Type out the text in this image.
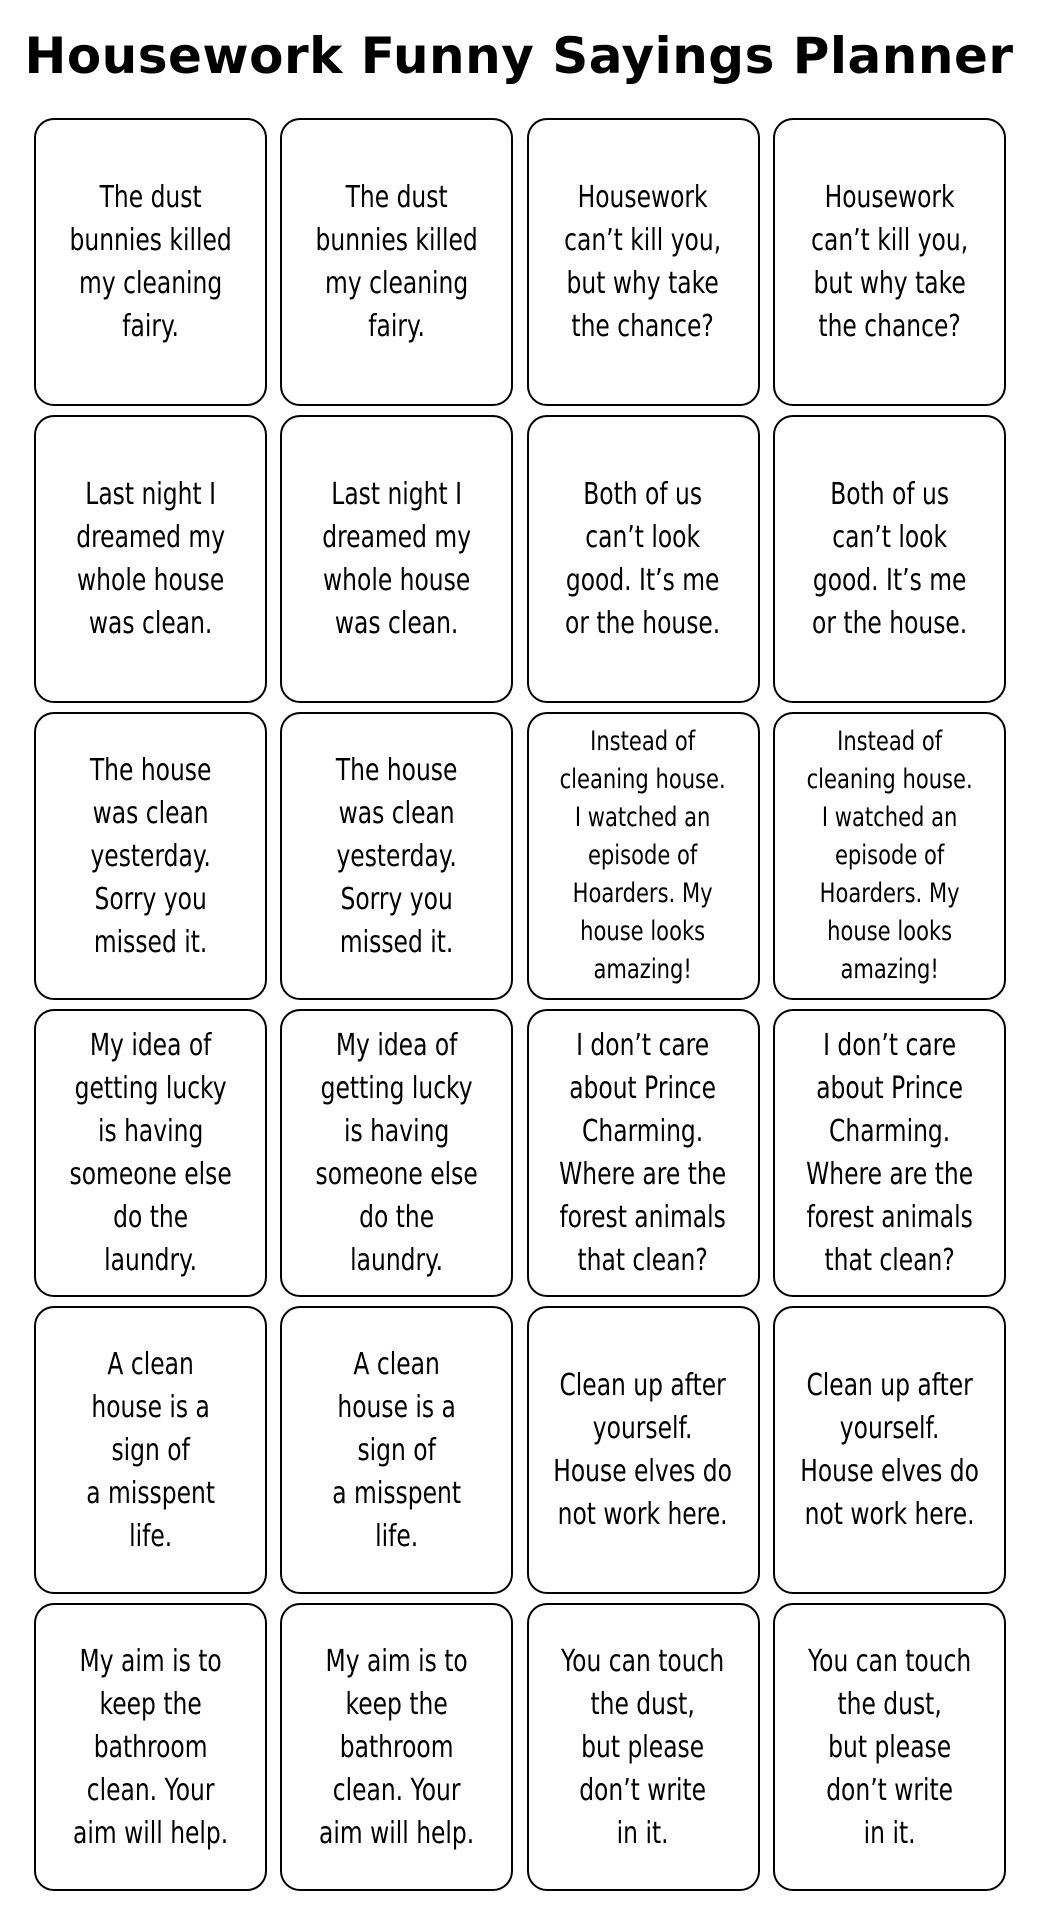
Housework Funny Sayings Planner
The dust
bunnies killed
my cleaning
fairy.
The dust
bunnies killed
my cleaning
fairy.
Housework
can’t kill you,
but why take
the chance?
Housework
can’t kill you,
but why take
the chance?
Last night I
dreamed my
whole house
was clean.
Last night I
dreamed my
whole house
was clean.
Both of us
can’t look
good. It’s me
or the house.
Both of us
can’t look
good. It’s me
or the house.
The house
was clean
yesterday.
Sorry you
missed it.
The house
was clean
yesterday.
Sorry you
missed it.
Instead of
cleaning house.
I watched an
episode of
Hoarders. My
house looks
amazing!
Instead of
cleaning house.
I watched an
episode of
Hoarders. My
house looks
amazing!
My idea of
getting lucky
is having
someone else
do the
laundry.
My idea of
getting lucky
is having
someone else
do the
laundry.
I don’t care
about Prince
Charming.
Where are the
forest animals
that clean?
I don’t care
about Prince
Charming.
Where are the
forest animals
that clean?
A clean
house is a
sign of
a misspent
life.
A clean
house is a
sign of
a misspent
life.
Clean up after
yourself.
House elves do
not work here.
Clean up after
yourself.
House elves do
not work here.
My aim is to
keep the
bathroom
clean. Your
aim will help.
My aim is to
keep the
bathroom
clean. Your
aim will help.
You can touch
the dust,
but please
don’t write
in it.
You can touch
the dust,
but please
don’t write
in it.
